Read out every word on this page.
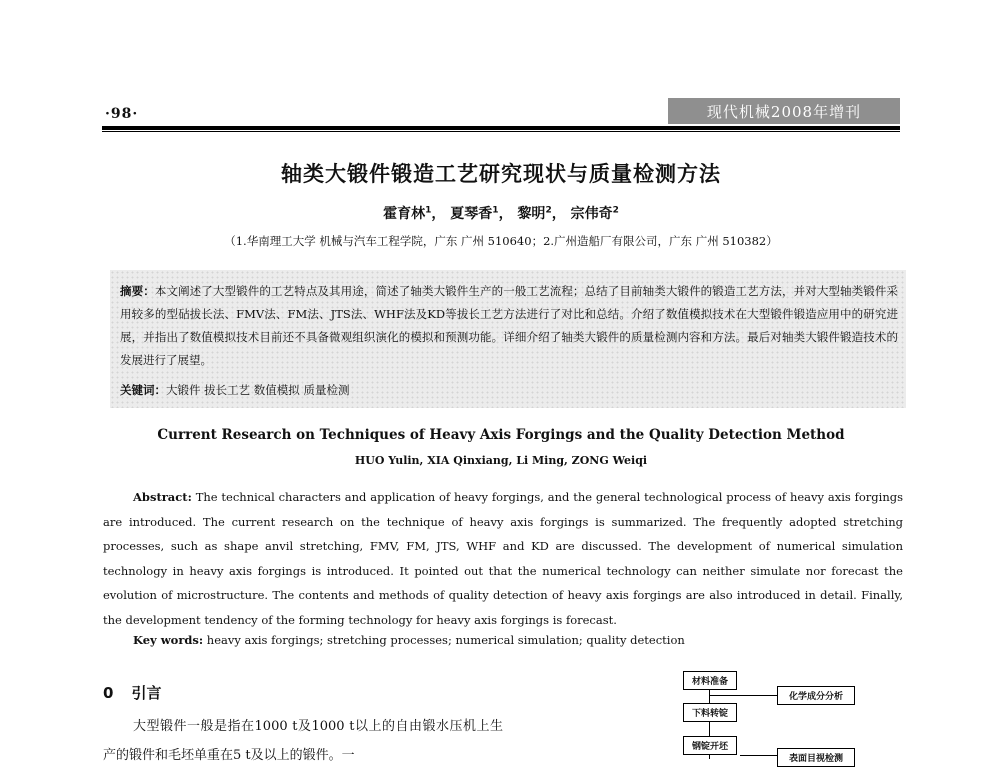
·98·	现代机械2008年增刊
轴类大锻件锻造工艺研究现状与质量检测方法
霍育林$^1$， 夏琴香$^1$， 黎明$^2$， 宗伟奇$^2$
（1.华南理工大学 机械与汽车工程学院，广东 广州 510640；2.广州造船厂有限公司，广东 广州 510382）
摘要：本文阐述了大型锻件的工艺特点及其用途，简述了轴类大锻件生产的一般工艺流程；总结了目前轴类大锻件的锻造工艺方法，并对大型轴类锻件采用较多的型砧拔长法、FMV法、FM法、JTS法、WHF法及KD等拔长工艺方法进行了对比和总结。介绍了数值模拟技术在大型锻件锻造应用中的研究进展，并指出了数值模拟技术目前还不具备微观组织演化的模拟和预测功能。详细介绍了轴类大锻件的质量检测内容和方法。最后对轴类大锻件锻造技术的发展进行了展望。
关键词：大锻件 拔长工艺 数值模拟 质量检测
Current Research on Techniques of Heavy Axis Forgings and the Quality Detection Method
HUO Yulin, XIA Qinxiang, Li Ming, ZONG Weiqi
Abstract: The technical characters and application of heavy forgings, and the general technological process of heavy axis forgings are introduced. The current research on the technique of heavy axis forgings is summarized. The frequently adopted stretching processes, such as shape anvil stretching, FMV, FM, JTS, WHF and KD are discussed. The development of numerical simulation technology in heavy axis forgings is introduced. It pointed out that the numerical technology can neither simulate nor forecast the evolution of microstructure. The contents and methods of quality detection of heavy axis forgings are also introduced in detail. Finally, the development tendency of the forming technology for heavy axis forgings is forecast.
Key words: heavy axis forgings; stretching processes; numerical simulation; quality detection
0 引言
大型锻件一般是指在1000 t及1000 t以上的自由锻水压机上生产的锻件和毛坯单重在5 t及以上的锻件。一
材料准备
下料转锭
钢锭开坯
化学成分分析
表面目视检测
